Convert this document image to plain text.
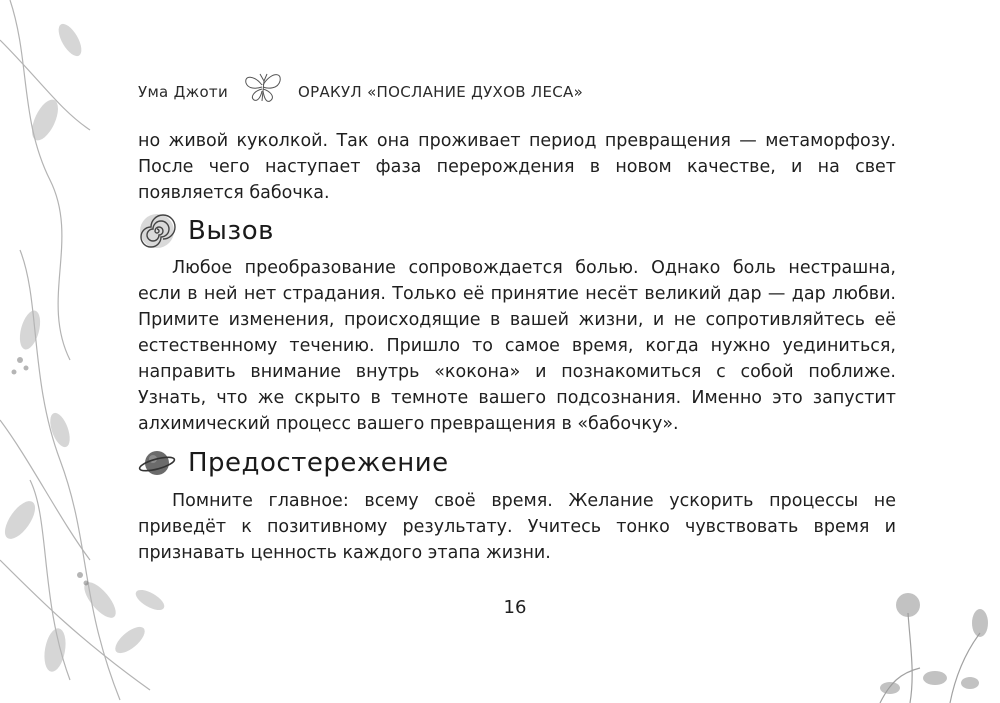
Ума Джоти	ОРАКУЛ «ПОСЛАНИЕ ДУХОВ ЛЕСА»

но живой куколкой. Так она проживает период превращения — метаморфозу. После чего наступает фаза перерождения в новом качестве, и на свет появляется бабочка.

Вызов

Любое преобразование сопровождается болью. Однако боль нестрашна, если в ней нет страдания. Только её принятие несёт великий дар — дар любви. Примите изменения, происходящие в вашей жизни, и не сопротивляйтесь её естественному течению. Пришло то самое время, когда нужно уединиться, направить внимание внутрь «кокона» и познакомиться с собой поближе. Узнать, что же скрыто в темноте вашего подсознания. Именно это запустит алхимический процесс вашего превращения в «бабочку».

Предостережение

Помните главное: всему своё время. Желание ускорить процессы не приведёт к позитивному результату. Учитесь тонко чувствовать время и признавать ценность каждого этапа жизни.

16
